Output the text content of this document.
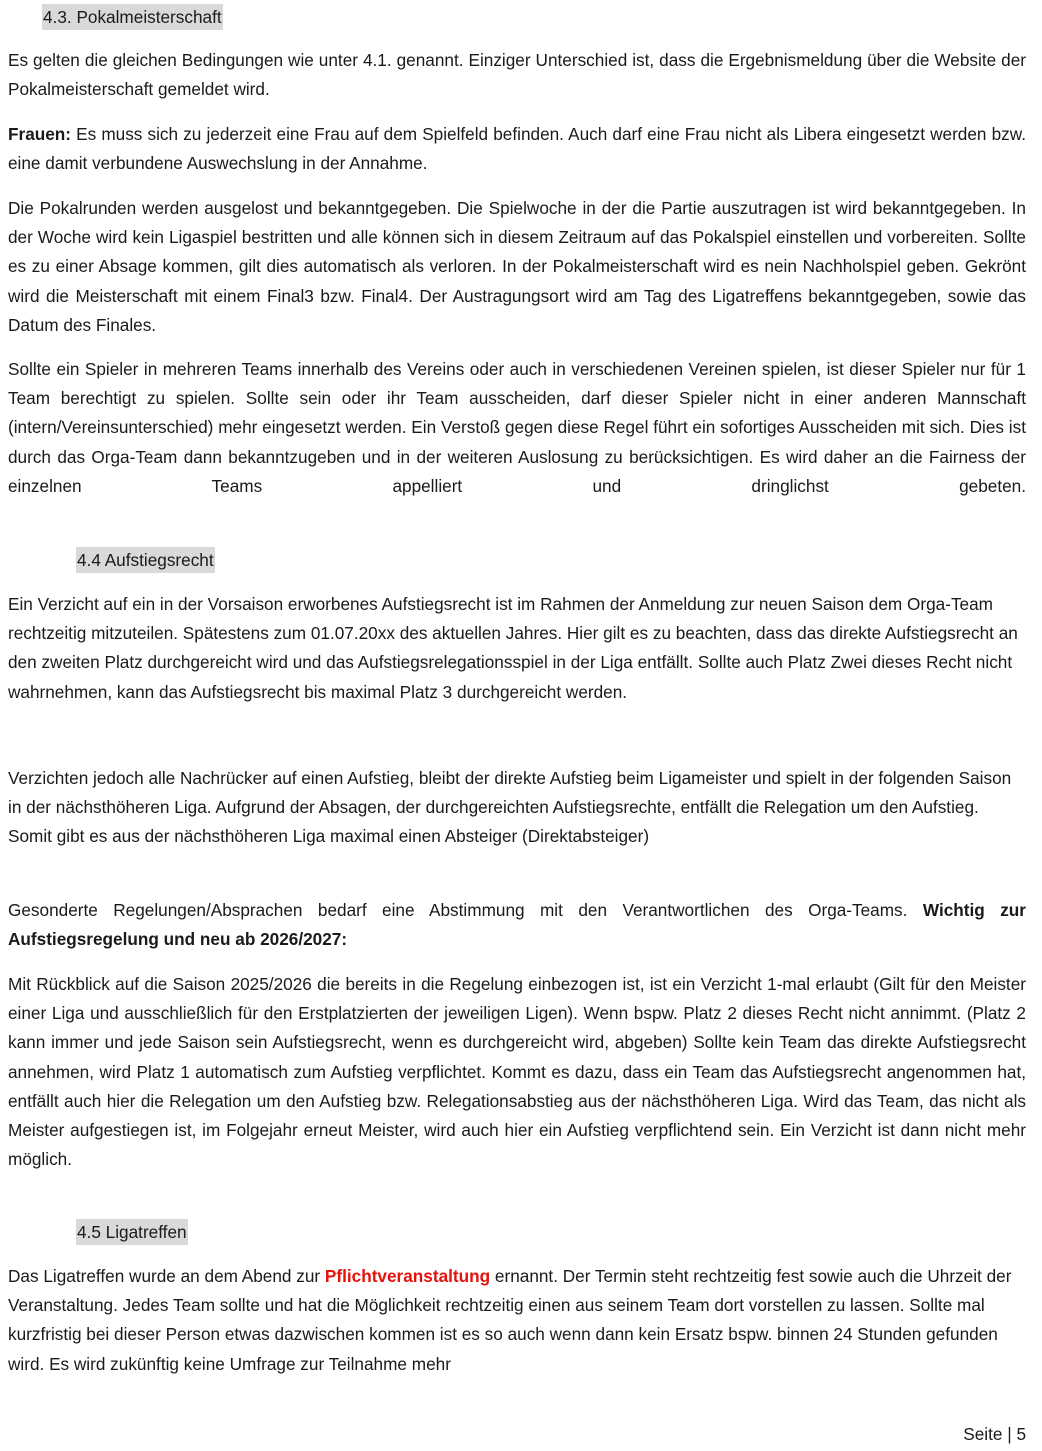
4.3. Pokalmeisterschaft

Es gelten die gleichen Bedingungen wie unter 4.1. genannt. Einziger Unterschied ist, dass die Ergebnismeldung über die Website der Pokalmeisterschaft gemeldet wird.

Frauen: Es muss sich zu jederzeit eine Frau auf dem Spielfeld befinden. Auch darf eine Frau nicht als Libera eingesetzt werden bzw. eine damit verbundene Auswechslung in der Annahme.

Die Pokalrunden werden ausgelost und bekanntgegeben. Die Spielwoche in der die Partie auszutragen ist wird bekanntgegeben. In der Woche wird kein Ligaspiel bestritten und alle können sich in diesem Zeitraum auf das Pokalspiel einstellen und vorbereiten. Sollte es zu einer Absage kommen, gilt dies automatisch als verloren. In der Pokalmeisterschaft wird es nein Nachholspiel geben. Gekrönt wird die Meisterschaft mit einem Final3 bzw. Final4. Der Austragungsort wird am Tag des Ligatreffens bekanntgegeben, sowie das Datum des Finales.

Sollte ein Spieler in mehreren Teams innerhalb des Vereins oder auch in verschiedenen Vereinen spielen, ist dieser Spieler nur für 1 Team berechtigt zu spielen. Sollte sein oder ihr Team ausscheiden, darf dieser Spieler nicht in einer anderen Mannschaft (intern/Vereinsunterschied) mehr eingesetzt werden. Ein Verstoß gegen diese Regel führt ein sofortiges Ausscheiden mit sich. Dies ist durch das Orga-Team dann bekanntzugeben und in der weiteren Auslosung zu berücksichtigen. Es wird daher an die Fairness der einzelnen Teams appelliert und dringlichst gebeten.

4.4 Aufstiegsrecht

Ein Verzicht auf ein in der Vorsaison erworbenes Aufstiegsrecht ist im Rahmen der Anmeldung zur neuen Saison dem Orga-Team rechtzeitig mitzuteilen. Spätestens zum 01.07.20xx des aktuellen Jahres. Hier gilt es zu beachten, dass das direkte Aufstiegsrecht an den zweiten Platz durchgereicht wird und das Aufstiegsrelegationsspiel in der Liga entfällt. Sollte auch Platz Zwei dieses Recht nicht wahrnehmen, kann das Aufstiegsrecht bis maximal Platz 3 durchgereicht werden.

Verzichten jedoch alle Nachrücker auf einen Aufstieg, bleibt der direkte Aufstieg beim Ligameister und spielt in der folgenden Saison in der nächsthöheren Liga. Aufgrund der Absagen, der durchgereichten Aufstiegsrechte, entfällt die Relegation um den Aufstieg. Somit gibt es aus der nächsthöheren Liga maximal einen Absteiger (Direktabsteiger)

Gesonderte Regelungen/Absprachen bedarf eine Abstimmung mit den Verantwortlichen des Orga-Teams. Wichtig zur Aufstiegsregelung und neu ab 2026/2027:

Mit Rückblick auf die Saison 2025/2026 die bereits in die Regelung einbezogen ist, ist ein Verzicht 1-mal erlaubt (Gilt für den Meister einer Liga und ausschließlich für den Erstplatzierten der jeweiligen Ligen). Wenn bspw. Platz 2 dieses Recht nicht annimmt. (Platz 2 kann immer und jede Saison sein Aufstiegsrecht, wenn es durchgereicht wird, abgeben) Sollte kein Team das direkte Aufstiegsrecht annehmen, wird Platz 1 automatisch zum Aufstieg verpflichtet. Kommt es dazu, dass ein Team das Aufstiegsrecht angenommen hat, entfällt auch hier die Relegation um den Aufstieg bzw. Relegationsabstieg aus der nächsthöheren Liga. Wird das Team, das nicht als Meister aufgestiegen ist, im Folgejahr erneut Meister, wird auch hier ein Aufstieg verpflichtend sein. Ein Verzicht ist dann nicht mehr möglich.

4.5 Ligatreffen

Das Ligatreffen wurde an dem Abend zur Pflichtveranstaltung ernannt. Der Termin steht rechtzeitig fest sowie auch die Uhrzeit der Veranstaltung. Jedes Team sollte und hat die Möglichkeit rechtzeitig einen aus seinem Team dort vorstellen zu lassen. Sollte mal kurzfristig bei dieser Person etwas dazwischen kommen ist es so auch wenn dann kein Ersatz bspw. binnen 24 Stunden gefunden wird. Es wird zukünftig keine Umfrage zur Teilnahme mehr

Seite | 5
